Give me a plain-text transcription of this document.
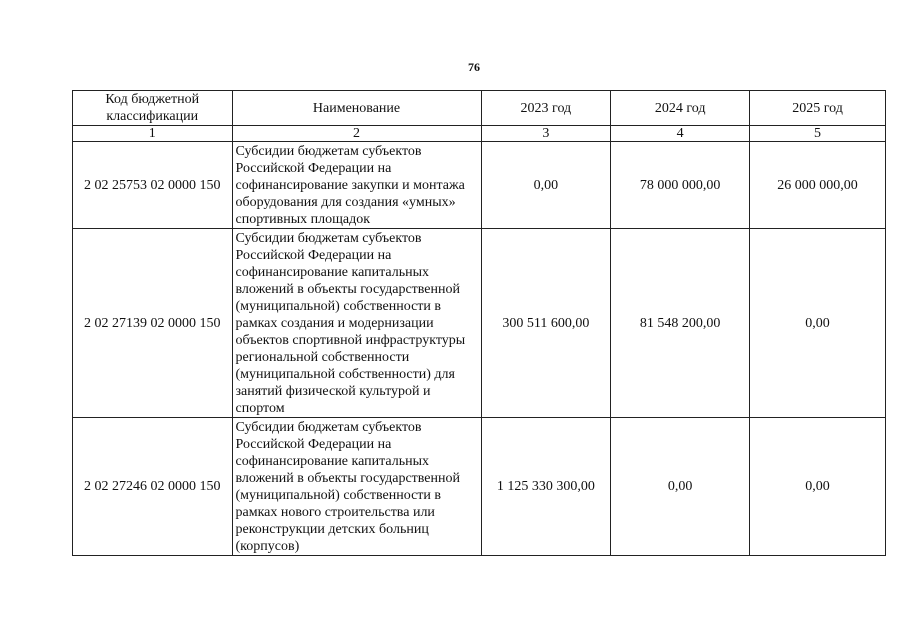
76
Код бюджетной классификации	Наименование	2023 год	2024 год	2025 год
1	2	3	4	5
2 02 25753 02 0000 150	Субсидии бюджетам субъектов Российской Федерации на софинансирование закупки и монтажа оборудования для создания «умных» спортивных площадок	0,00	78 000 000,00	26 000 000,00
2 02 27139 02 0000 150	Субсидии бюджетам субъектов Российской Федерации на софинансирование капитальных вложений в объекты государственной (муниципальной) собственности в рамках создания и модернизации объектов спортивной инфраструктуры региональной собственности (муниципальной собственности) для занятий физической культурой и спортом	300 511 600,00	81 548 200,00	0,00
2 02 27246 02 0000 150	Субсидии бюджетам субъектов Российской Федерации на софинансирование капитальных вложений в объекты государственной (муниципальной) собственности в рамках нового строительства или реконструкции детских больниц (корпусов)	1 125 330 300,00	0,00	0,00
